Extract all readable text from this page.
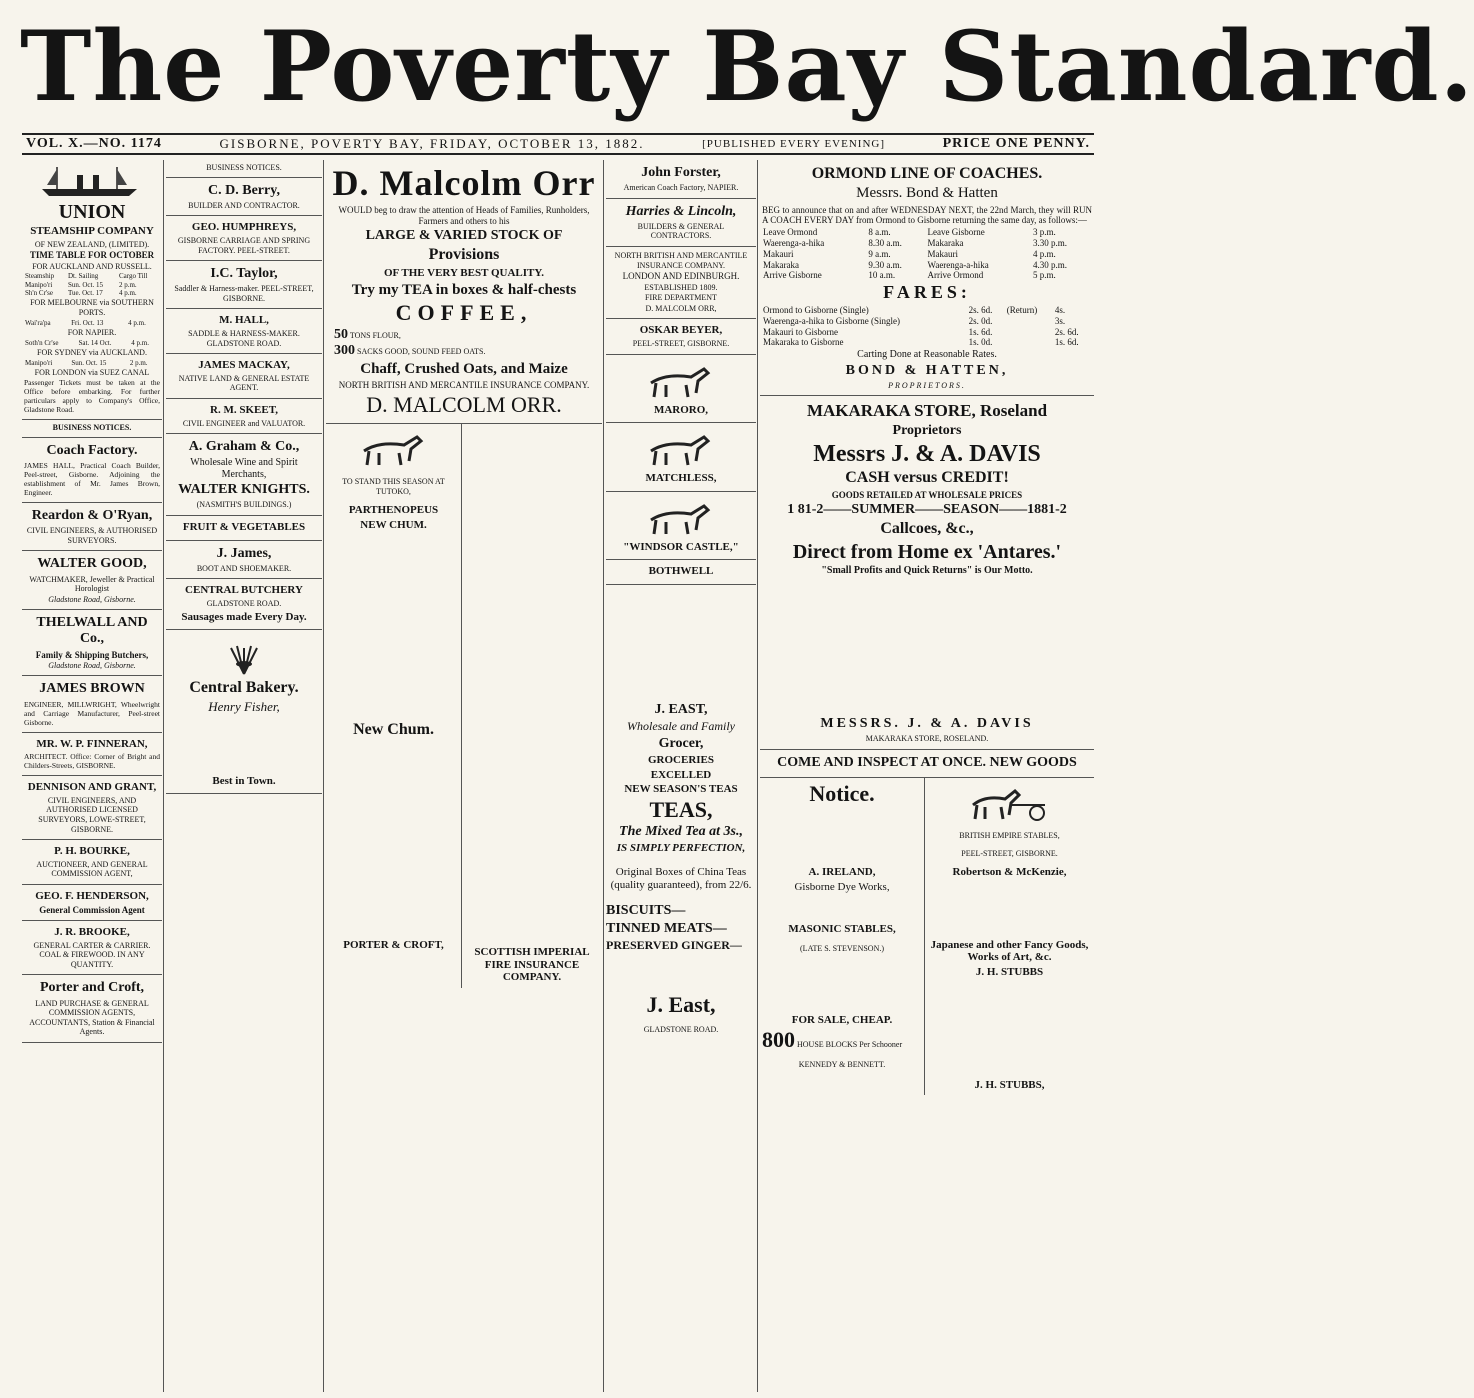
The Poverty Bay Standard.
VOL. X.—NO. 1174	GISBORNE, POVERTY BAY, FRIDAY, OCTOBER 13, 1882.	[PUBLISHED EVERY EVENING]	PRICE ONE PENNY.
UNION
STEAMSHIP COMPANY

OF NEW ZEALAND, (LIMITED).

TIME TABLE FOR OCTOBER

FOR AUCKLAND AND RUSSELL.

Steamship	Dt. Sailing	Cargo Till
Manipo'ri	Sun. Oct. 15	2 p.m.
Sh'n Cr'se	Tue. Oct. 17	4 p.m.

FOR MELBOURNE via SOUTHERN PORTS.

Wai'ra'pa	Fri. Oct. 13	4 p.m.

FOR NAPIER.

Soth'n Cr'se	Sat. 14 Oct.	4 p.m.

FOR SYDNEY via AUCKLAND.

Manipo'ri	Sun. Oct. 15	2 p.m.

FOR LONDON via SUEZ CANAL

Passenger Tickets must be taken at the Office before embarking. For further particulars apply to Company's Office, Gladstone Road.

BUSINESS NOTICES.
Coach Factory.

JAMES HALL, Practical Coach Builder, Peel-street, Gisborne. Adjoining the establishment of Mr. James Brown, Engineer.

Reardon & O'Ryan,

CIVIL ENGINEERS, & AUTHORISED SURVEYORS.

WALTER GOOD,

WATCHMAKER, Jeweller & Practical Horologist

Gladstone Road, Gisborne.

THELWALL AND Co.,

Family & Shipping Butchers,

Gladstone Road, Gisborne.

JAMES BROWN

ENGINEER, MILLWRIGHT, Wheelwright and Carriage Manufacturer, Peel-street Gisborne.

MR. W. P. FINNERAN,

ARCHITECT. Office: Corner of Bright and Childers-Streets, GISBORNE.

DENNISON AND GRANT,

CIVIL ENGINEERS, AND AUTHORISED LICENSED SURVEYORS, LOWE-STREET, GISBORNE.

P. H. BOURKE,

AUCTIONEER, AND GENERAL COMMISSION AGENT,

GEO. F. HENDERSON,

General Commission Agent

J. R. BROOKE,

GENERAL CARTER & CARRIER. COAL & FIREWOOD. IN ANY QUANTITY.

Porter and Croft,

LAND PURCHASE & GENERAL COMMISSION AGENTS, ACCOUNTANTS, Station & Financial Agents.

BUSINESS NOTICES.
C. D. Berry,

BUILDER AND CONTRACTOR.

GEO. HUMPHREYS,

GISBORNE CARRIAGE AND SPRING FACTORY. PEEL-STREET.

I.C. Taylor,

Saddler & Harness-maker. PEEL-STREET, GISBORNE.

M. HALL,

SADDLE & HARNESS-MAKER. GLADSTONE ROAD.

JAMES MACKAY,

NATIVE LAND & GENERAL ESTATE AGENT.

R. M. SKEET,

CIVIL ENGINEER and VALUATOR.

A. Graham & Co.,

Wholesale Wine and Spirit Merchants,

WALTER KNIGHTS.

(NASMITH'S BUILDINGS.)

FRUIT & VEGETABLES
J. James,

BOOT AND SHOEMAKER.

CENTRAL BUTCHERY

GLADSTONE ROAD.

Sausages made Every Day.
Central Bakery.
Henry Fisher,
Best in Town.
D. Malcolm Orr

WOULD beg to draw the attention of Heads of Families, Runholders, Farmers and others to his

LARGE & VARIED STOCK OF
Provisions

OF THE VERY BEST QUALITY.

Try my TEA in boxes & half-chests
COFFEE,
50 TONS FLOUR,
300 SACKS GOOD, SOUND FEED OATS.
Chaff, Crushed Oats, and Maize

NORTH BRITISH AND MERCANTILE INSURANCE COMPANY.

D. MALCOLM ORR.

TO STAND THIS SEASON AT TUTOKO,

PARTHENOPEUS
NEW CHUM.
New Chum.

PORTER & CROFT,

SCOTTISH IMPERIAL FIRE INSURANCE COMPANY.

John Forster,

American Coach Factory, NAPIER.

Harries & Lincoln,

BUILDERS & GENERAL CONTRACTORS.

NORTH BRITISH AND MERCANTILE INSURANCE COMPANY.

LONDON AND EDINBURGH.

ESTABLISHED 1809.

FIRE DEPARTMENT

D. MALCOLM ORR,

OSKAR BEYER,

PEEL-STREET, GISBORNE.

MARORO,
MATCHLESS,
"WINDSOR CASTLE,"
BOTHWELL
J. EAST,
Wholesale and Family
Grocer,

GROCERIES

EXCELLED

NEW SEASON'S TEAS

TEAS,
The Mixed Tea at 3s.,

IS SIMPLY PERFECTION,

Original Boxes of China Teas (quality guaranteed), from 22/6.

BISCUITS—
TINNED MEATS—
PRESERVED GINGER—
J. East,

GLADSTONE ROAD.

ORMOND LINE OF COACHES.
Messrs. Bond & Hatten

BEG to announce that on and after WEDNESDAY NEXT, the 22nd March, they will RUN A COACH EVERY DAY from Ormond to Gisborne returning the same day, as follows:—

Leave Ormond	8 a.m.	Leave Gisborne	3 p.m.
Waerenga-a-hika	8.30 a.m.	Makaraka	3.30 p.m.
Makauri	9 a.m.	Makauri	4 p.m.
Makaraka	9.30 a.m.	Waerenga-a-hika	4.30 p.m.
Arrive Gisborne	10 a.m.	Arrive Ormond	5 p.m.
FARES:
Ormond to Gisborne (Single)	2s. 6d.	(Return)	4s.
Waerenga-a-hika to Gisborne (Single)	2s. 0d.		3s.
Makauri to Gisborne	1s. 6d.		2s. 6d.
Makaraka to Gisborne	1s. 0d.		1s. 6d.

Carting Done at Reasonable Rates.

BOND & HATTEN,

PROPRIETORS.

MAKARAKA STORE, Roseland
Proprietors
Messrs J. & A. DAVIS
CASH versus CREDIT!

GOODS RETAILED AT WHOLESALE PRICES

1 81-2——SUMMER——SEASON——1881-2
Callcoes, &c.,
Direct from Home ex 'Antares.'

"Small Profits and Quick Returns" is Our Motto.

MESSRS. J. & A. DAVIS

MAKARAKA STORE, ROSELAND.

COME AND INSPECT AT ONCE. NEW GOODS
Notice.
A. IRELAND,

Gisborne Dye Works,

MASONIC STABLES,

(LATE S. STEVENSON.)

FOR SALE, CHEAP.
800 HOUSE BLOCKS Per Schooner

KENNEDY & BENNETT.

BRITISH EMPIRE STABLES,

PEEL-STREET, GISBORNE.

Robertson & McKenzie,
Japanese and other Fancy Goods, Works of Art, &c.
J. H. STUBBS
J. H. STUBBS,
